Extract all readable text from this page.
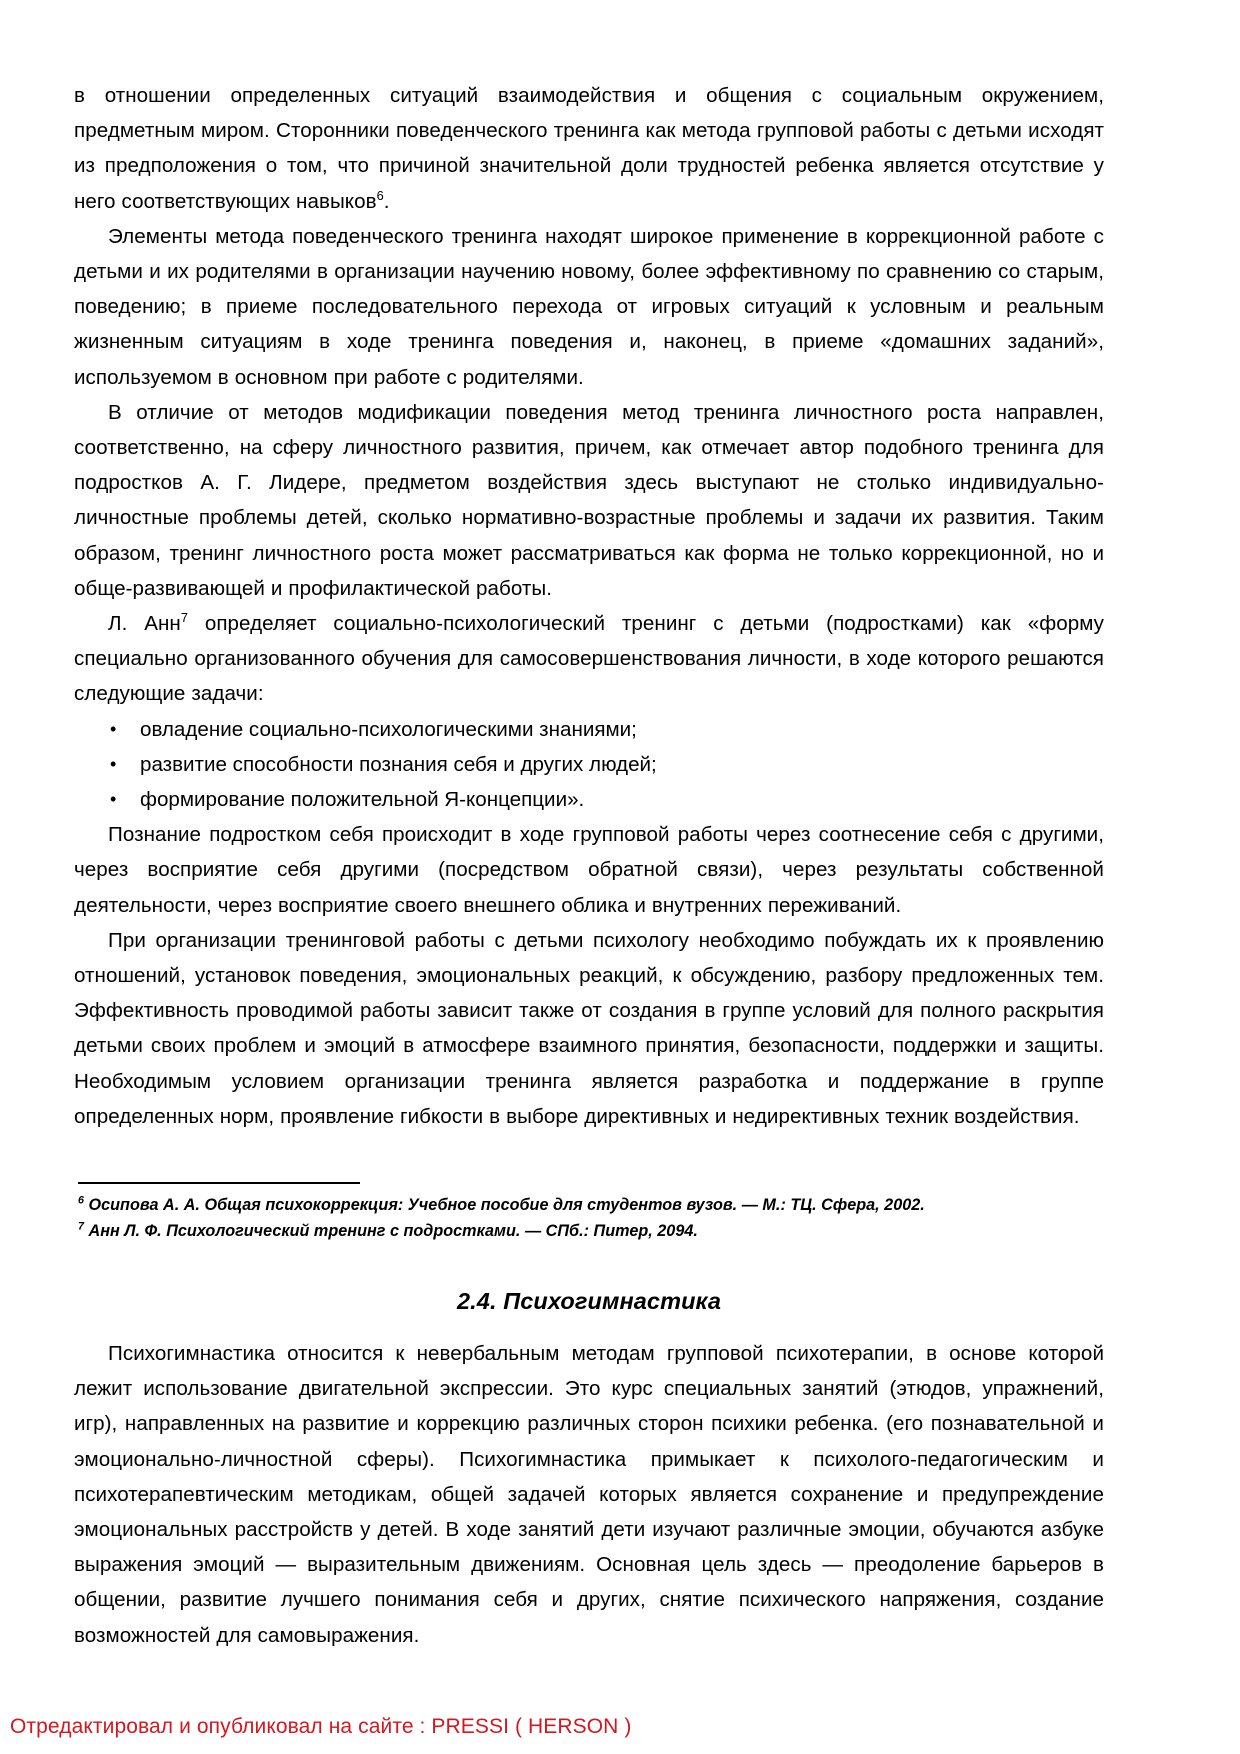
в отношении определенных ситуаций взаимодействия и общения с социальным окружением, предметным миром. Сторонники поведенческого тренинга как метода групповой работы с детьми исходят из предположения о том, что причиной значительной доли трудностей ребенка является отсутствие у него соответствующих навыков$^6$.

Элементы метода поведенческого тренинга находят широкое применение в коррекционной работе с детьми и их родителями в организации научению новому, более эффективному по сравнению со старым, поведению; в приеме последовательного перехода от игровых ситуаций к условным и реальным жизненным ситуациям в ходе тренинга поведения и, наконец, в приеме «домашних заданий», используемом в основном при работе с родителями.

В отличие от методов модификации поведения метод тренинга личностного роста направлен, соответственно, на сферу личностного развития, причем, как отмечает автор подобного тренинга для подростков А. Г. Лидере, предметом воздействия здесь выступают не столько индивидуально-личностные проблемы детей, сколько нормативно-возрастные проблемы и задачи их развития. Таким образом, тренинг личностного роста может рассматриваться как форма не только коррекционной, но и обще-развивающей и профилактической работы.

Л. Анн$^7$ определяет социально-психологический тренинг с детьми (подростками) как «форму специально организованного обучения для самосовершенствования личности, в ходе которого решаются следующие задачи:

• овладение социально-психологическими знаниями;
• развитие способности познания себя и других людей;
• формирование положительной Я-концепции».

Познание подростком себя происходит в ходе групповой работы через соотнесение себя с другими, через восприятие себя другими (посредством обратной связи), через результаты собственной деятельности, через восприятие своего внешнего облика и внутренних переживаний.

При организации тренинговой работы с детьми психологу необходимо побуждать их к проявлению отношений, установок поведения, эмоциональных реакций, к обсуждению, разбору предложенных тем. Эффективность проводимой работы зависит также от создания в группе условий для полного раскрытия детьми своих проблем и эмоций в атмосфере взаимного принятия, безопасности, поддержки и защиты. Необходимым условием организации тренинга является разработка и поддержание в группе определенных норм, проявление гибкости в выборе директивных и недирективных техник воздействия.

$^6$ Осипова А. А. Общая психокоррекция: Учебное пособие для студентов вузов. — М.: ТЦ. Сфера, 2002.

$^7$ Анн Л. Ф. Психологический тренинг с подростками. — СПб.: Питер, 2094.

2.4. Психогимнастика

Психогимнастика относится к невербальным методам групповой психотерапии, в основе которой лежит использование двигательной экспрессии. Это курс специальных занятий (этюдов, упражнений, игр), направленных на развитие и коррекцию различных сторон психики ребенка. (его познавательной и эмоционально-личностной сферы). Психогимнастика примыкает к психолого-педагогическим и психотерапевтическим методикам, общей задачей которых является сохранение и предупреждение эмоциональных расстройств у детей. В ходе занятий дети изучают различные эмоции, обучаются азбуке выражения эмоций — выразительным движениям. Основная цель здесь — преодоление барьеров в общении, развитие лучшего понимания себя и других, снятие психического напряжения, создание возможностей для самовыражения.

Отредактировал и опубликовал на сайте : PRESSI ( HERSON )
